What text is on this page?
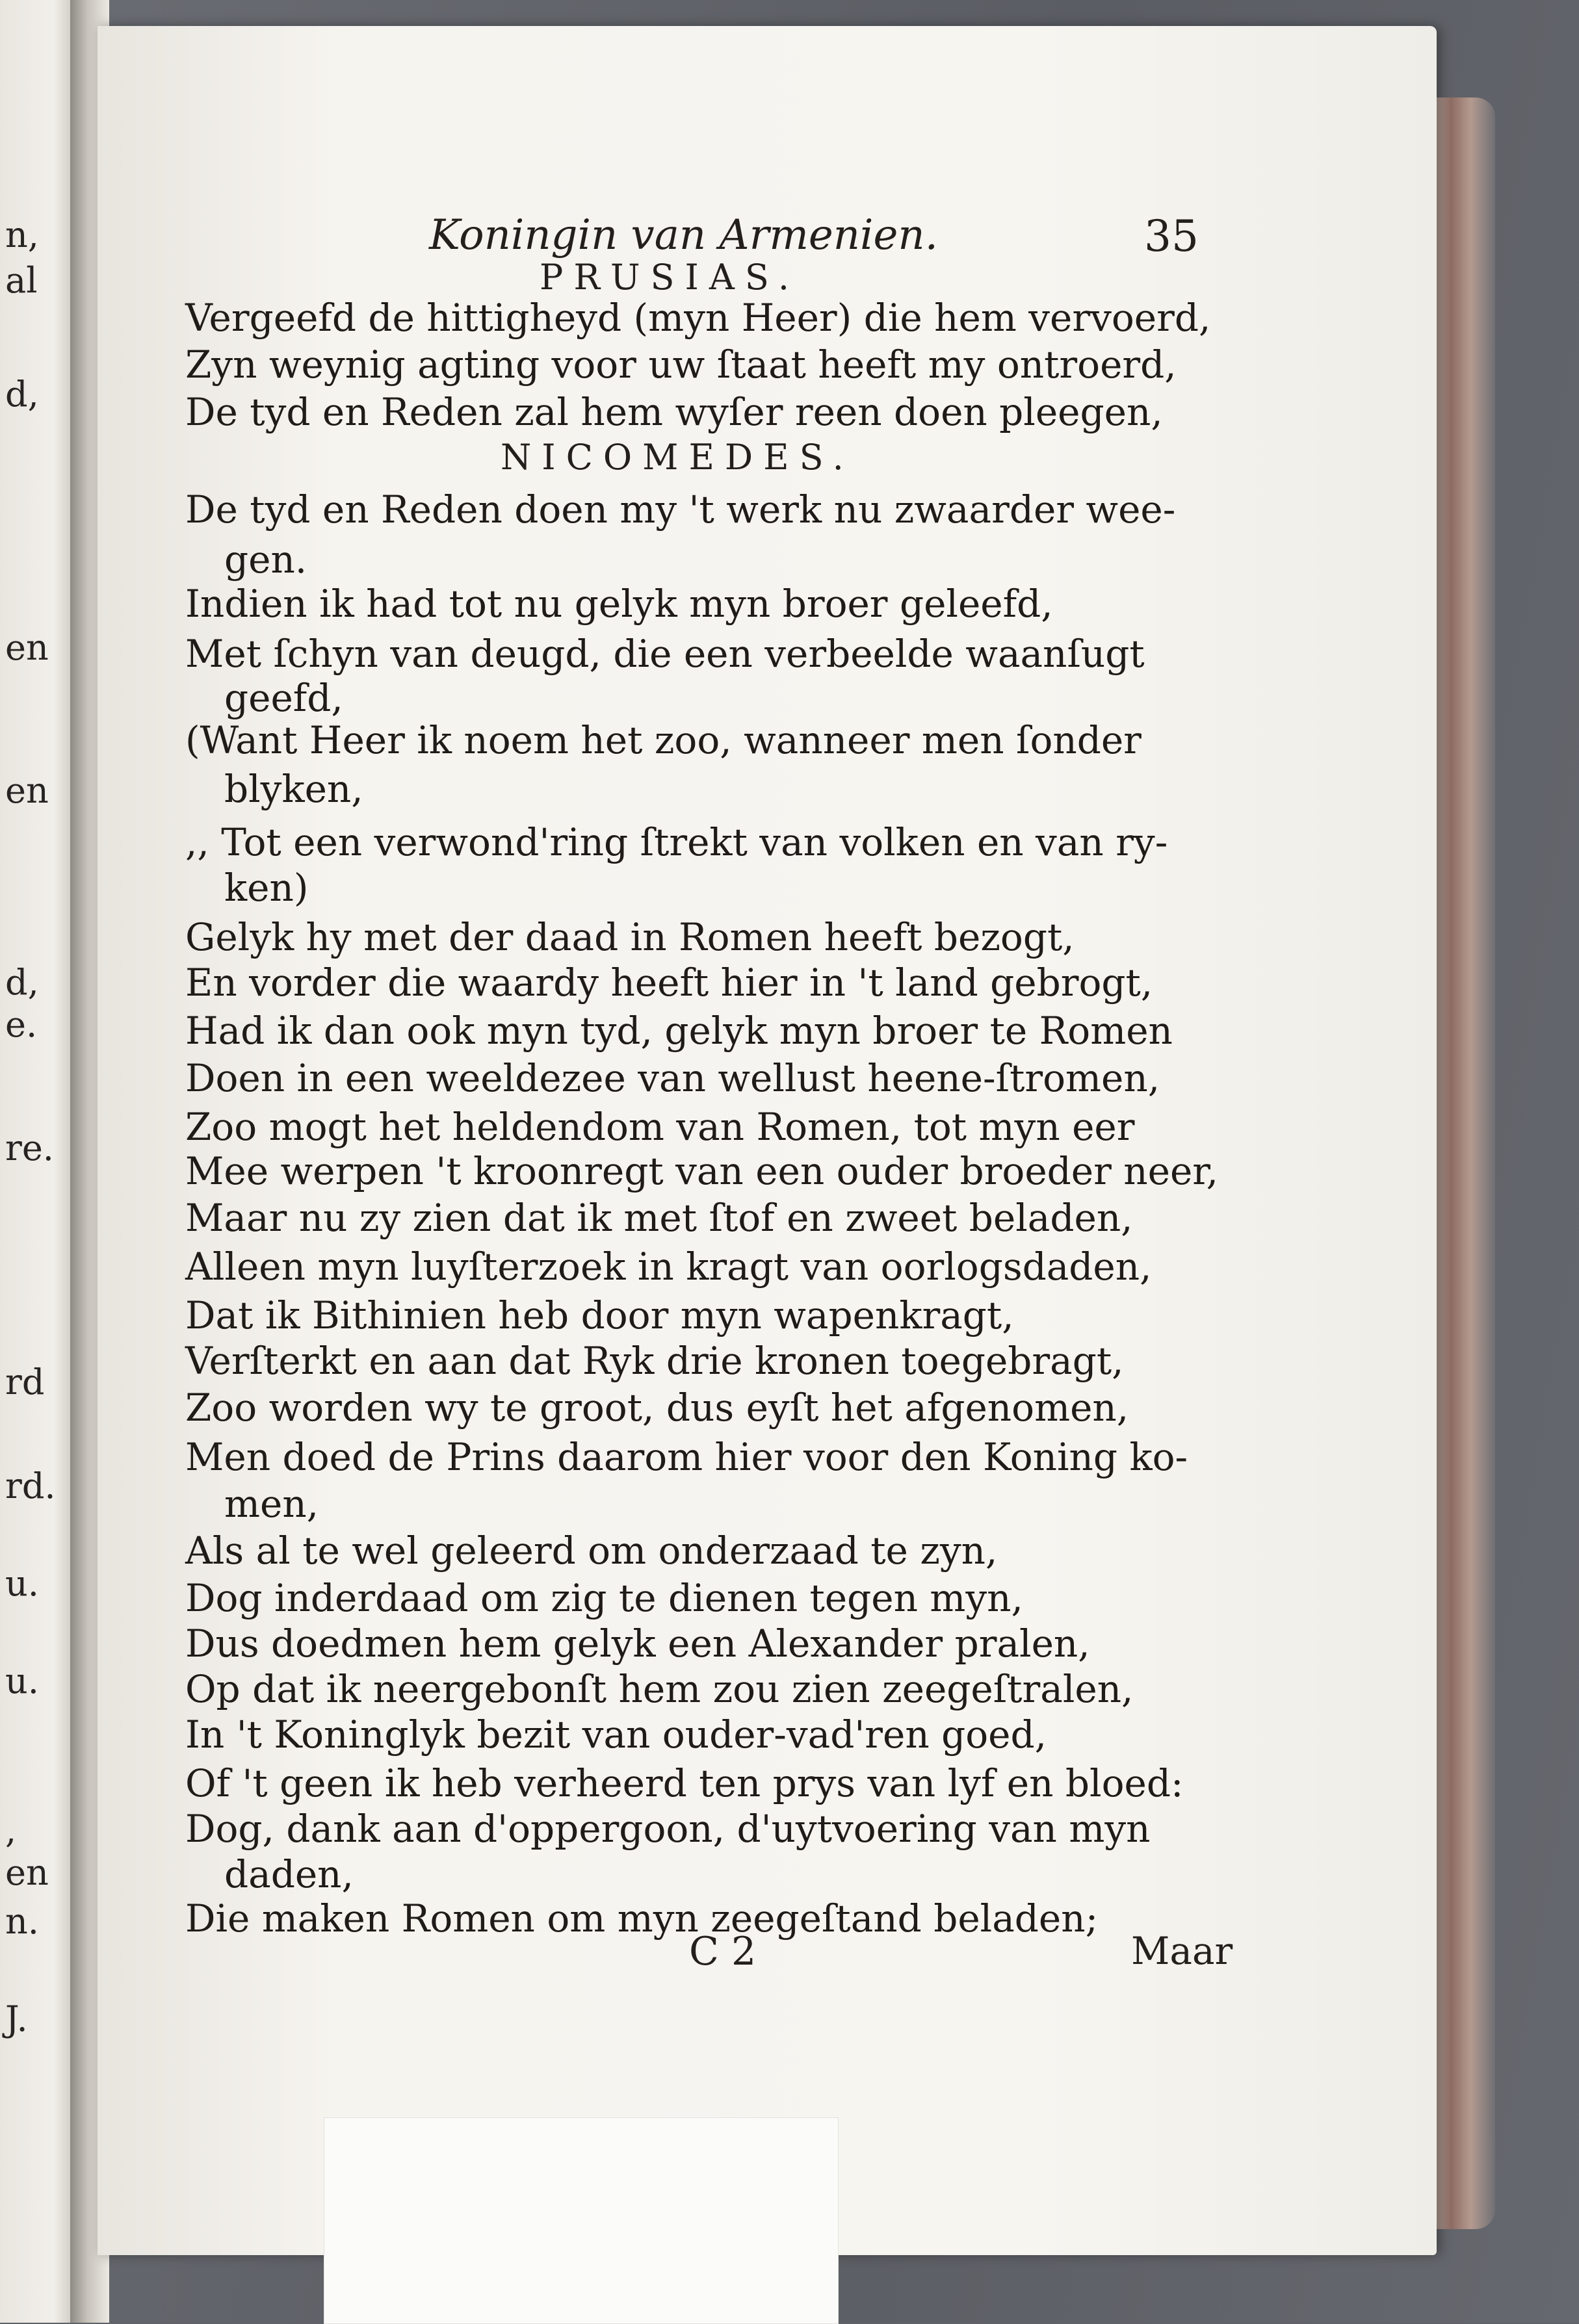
n,
al
d,
en
en
d,
e.
re.
rd
rd.
u.
u.
,
en
n.
J.
Koningin van Armenien.	35
PRUSIAS.
Vergeefd de hittigheyd (myn Heer) die hem vervoerd,
Zyn weynig agting voor uw ſtaat heeft my ontroerd,
De tyd en Reden zal hem wyſer reen doen pleegen,
NICOMEDES.
De tyd en Reden doen my 't werk nu zwaarder wee-
gen.
Indien ik had tot nu gelyk myn broer geleefd,
Met ſchyn van deugd, die een verbeelde waanſugt
geefd,
(Want Heer ik noem het zoo, wanneer men ſonder
blyken,
,, Tot een verwond'ring ſtrekt van volken en van ry-
ken)
Gelyk hy met der daad in Romen heeft bezogt,
En vorder die waardy heeft hier in 't land gebrogt,
Had ik dan ook myn tyd, gelyk myn broer te Romen
Doen in een weeldezee van wellust heene-ſtromen,
Zoo mogt het heldendom van Romen, tot myn eer
Mee werpen 't kroonregt van een ouder broeder neer,
Maar nu zy zien dat ik met ſtof en zweet beladen,
Alleen myn luyſterzoek in kragt van oorlogsdaden,
Dat ik Bithinien heb door myn wapenkragt,
Verſterkt en aan dat Ryk drie kronen toegebragt,
Zoo worden wy te groot, dus eyſt het afgenomen,
Men doed de Prins daarom hier voor den Koning ko-
men,
Als al te wel geleerd om onderzaad te zyn,
Dog inderdaad om zig te dienen tegen myn,
Dus doedmen hem gelyk een Alexander pralen,
Op dat ik neergebonſt hem zou zien zeegeſtralen,
In 't Koninglyk bezit van ouder-vad'ren goed,
Of 't geen ik heb verheerd ten prys van lyf en bloed:
Dog, dank aan d'oppergoon, d'uytvoering van myn
daden,
Die maken Romen om myn zeegeſtand beladen;
C 2	Maar
